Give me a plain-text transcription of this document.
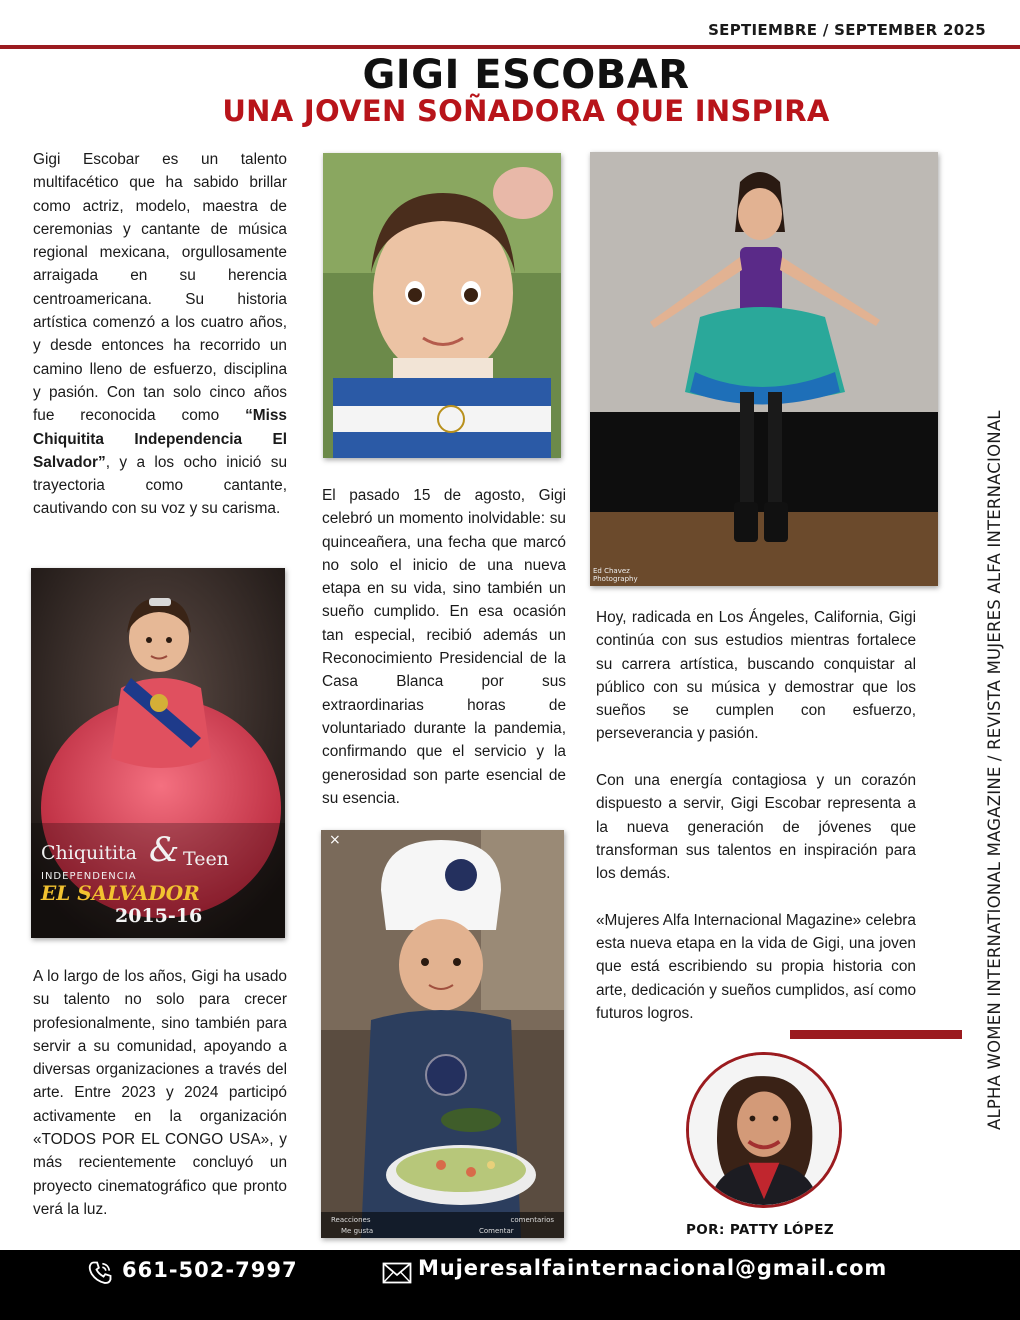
SEPTIEMBRE / SEPTEMBER 2025
GIGI ESCOBAR
UNA JOVEN SOÑADORA QUE INSPIRA
Gigi Escobar es un talento multifacético que ha sabido brillar como actriz, modelo, maestra de ceremonias y cantante de música regional mexicana, orgullosamente arraigada en su herencia centroamericana. Su historia artística comenzó a los cuatro años, y desde entonces ha recorrido un camino lleno de esfuerzo, disciplina y pasión. Con tan solo cinco años fue reconocida como “Miss Chiquitita Independencia El Salvador”, y a los ocho inició su trayectoria como cantante, cautivando con su voz y su carisma.
Chiquitita & Teen
INDEPENDENCIA
EL SALVADOR
2015-16
A lo largo de los años, Gigi ha usado su talento no solo para crecer profesionalmente, sino también para servir a su comunidad, apoyando a diversas organizaciones a través del arte. Entre 2023 y 2024 participó activamente en la organización «TODOS POR EL CONGO USA», y más recientemente concluyó un proyecto cinematográfico que pronto verá la luz.
El pasado 15 de agosto, Gigi celebró un momento inolvidable: su quinceañera, una fecha que marcó no solo el inicio de una nueva etapa en su vida, sino también un sueño cumplido. En esa ocasión tan especial, recibió además un Reconocimiento Presidencial de la Casa Blanca por sus extraordinarias horas de voluntariado durante la pandemia, confirmando que el servicio y la generosidad son parte esencial de su esencia.
×
Reacciones	comentarios
Me gusta	Comentar
Ed Chavez
Photography

Hoy, radicada en Los Ángeles, California, Gigi continúa con sus estudios mientras fortalece su carrera artística, buscando conquistar al público con su música y demostrar que los sueños se cumplen con esfuerzo, perseverancia y pasión.

Con una energía contagiosa y un corazón dispuesto a servir, Gigi Escobar representa a la nueva generación de jóvenes que transforman sus talentos en inspiración para los demás.

«Mujeres Alfa Internacional Magazine» celebra esta nueva etapa en la vida de Gigi, una joven que está escribiendo su propia historia con arte, dedicación y sueños cumplidos, así como futuros logros.

POR: PATTY LÓPEZ
ALPHA WOMEN INTERNATIONAL MAGAZINE / REVISTA MUJERES ALFA INTERNACIONAL
661-502-7997	Mujeresalfainternacional@gmail.com
